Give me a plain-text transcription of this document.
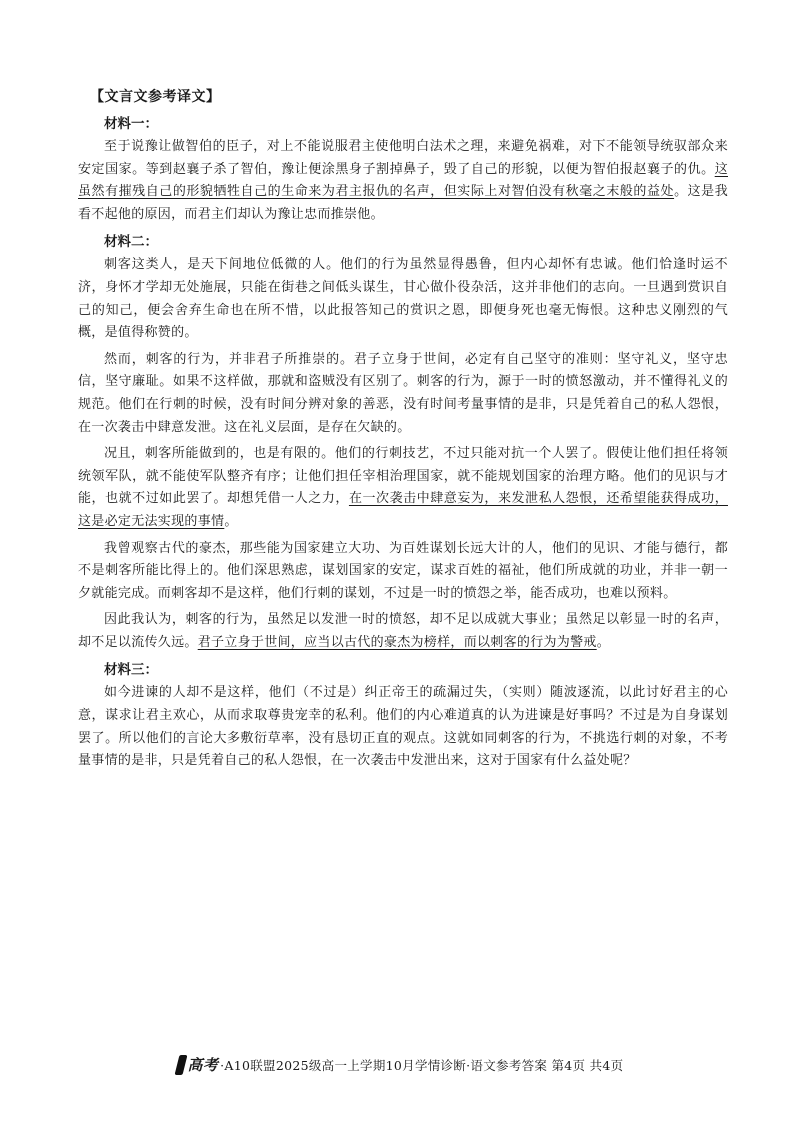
【文言文参考译文】
材料一：

至于说豫让做智伯的臣子，对上不能说服君主使他明白法术之理，来避免祸难，对下不能领导统驭部众来安定国家。等到赵襄子杀了智伯，豫让便涂黑身子割掉鼻子，毁了自己的形貌，以便为智伯报赵襄子的仇。这虽然有摧残自己的形貌牺牲自己的生命来为君主报仇的名声，但实际上对智伯没有秋毫之末般的益处。这是我看不起他的原因，而君主们却认为豫让忠而推崇他。

材料二：

刺客这类人，是天下间地位低微的人。他们的行为虽然显得愚鲁，但内心却怀有忠诚。他们恰逢时运不济，身怀才学却无处施展，只能在街巷之间低头谋生，甘心做仆役杂活，这并非他们的志向。一旦遇到赏识自己的知己，便会舍弃生命也在所不惜，以此报答知己的赏识之恩，即便身死也毫无悔恨。这种忠义刚烈的气概，是值得称赞的。

然而，刺客的行为，并非君子所推崇的。君子立身于世间，必定有自己坚守的准则：坚守礼义，坚守忠信，坚守廉耻。如果不这样做，那就和盗贼没有区别了。刺客的行为，源于一时的愤怒激动，并不懂得礼义的规范。他们在行刺的时候，没有时间分辨对象的善恶，没有时间考量事情的是非，只是凭着自己的私人怨恨，在一次袭击中肆意发泄。这在礼义层面，是存在欠缺的。

况且，刺客所能做到的，也是有限的。他们的行刺技艺，不过只能对抗一个人罢了。假使让他们担任将领统领军队，就不能使军队整齐有序；让他们担任宰相治理国家，就不能规划国家的治理方略。他们的见识与才能，也就不过如此罢了。却想凭借一人之力，在一次袭击中肆意妄为，来发泄私人怨恨，还希望能获得成功，这是必定无法实现的事情。

我曾观察古代的豪杰，那些能为国家建立大功、为百姓谋划长远大计的人，他们的见识、才能与德行，都不是刺客所能比得上的。他们深思熟虑，谋划国家的安定，谋求百姓的福祉，他们所成就的功业，并非一朝一夕就能完成。而刺客却不是这样，他们行刺的谋划，不过是一时的愤怨之举，能否成功，也难以预料。

因此我认为，刺客的行为，虽然足以发泄一时的愤怒，却不足以成就大事业；虽然足以彰显一时的名声，却不足以流传久远。君子立身于世间，应当以古代的豪杰为榜样，而以刺客的行为为警戒。

材料三：

如今进谏的人却不是这样，他们（不过是）纠正帝王的疏漏过失，（实则）随波逐流，以此讨好君主的心意，谋求让君主欢心，从而求取尊贵宠幸的私利。他们的内心难道真的认为进谏是好事吗？不过是为自身谋划罢了。所以他们的言论大多敷衍草率，没有恳切正直的观点。这就如同刺客的行为，不挑选行刺的对象，不考量事情的是非，只是凭着自己的私人怨恨，在一次袭击中发泄出来，这对于国家有什么益处呢？

高考 ·A10联盟2025级高一上学期10月学情诊断·语文参考答案 第4页 共4页
